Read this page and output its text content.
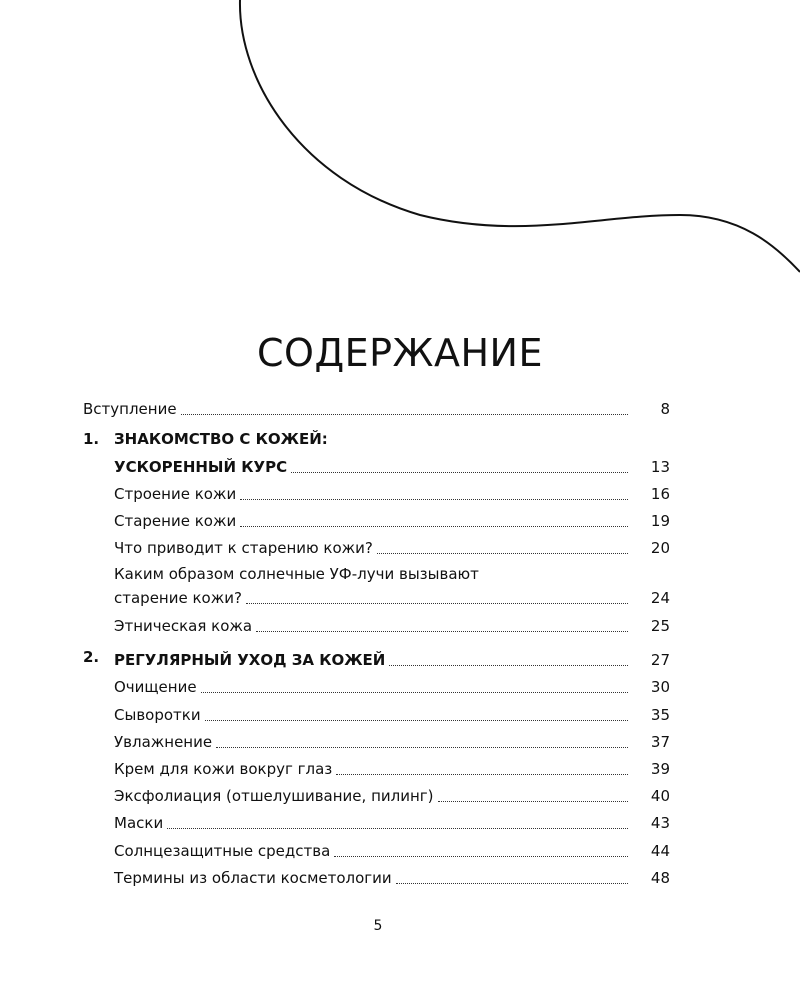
СОДЕРЖАНИЕ
Вступление	8
1. ЗНАКОМСТВО С КОЖЕЙ:
УСКОРЕННЫЙ КУРС	13
Строение кожи	16
Старение кожи	19
Что приводит к старению кожи?	20
Каким образом солнечные УФ-лучи вызывают
старение кожи?	24
Этническая кожа	25
2. РЕГУЛЯРНЫЙ УХОД ЗА КОЖЕЙ	27
Очищение	30
Сыворотки	35
Увлажнение	37
Крем для кожи вокруг глаз	39
Эксфолиация (отшелушивание, пилинг)	40
Маски	43
Солнцезащитные средства	44
Термины из области косметологии	48
5
